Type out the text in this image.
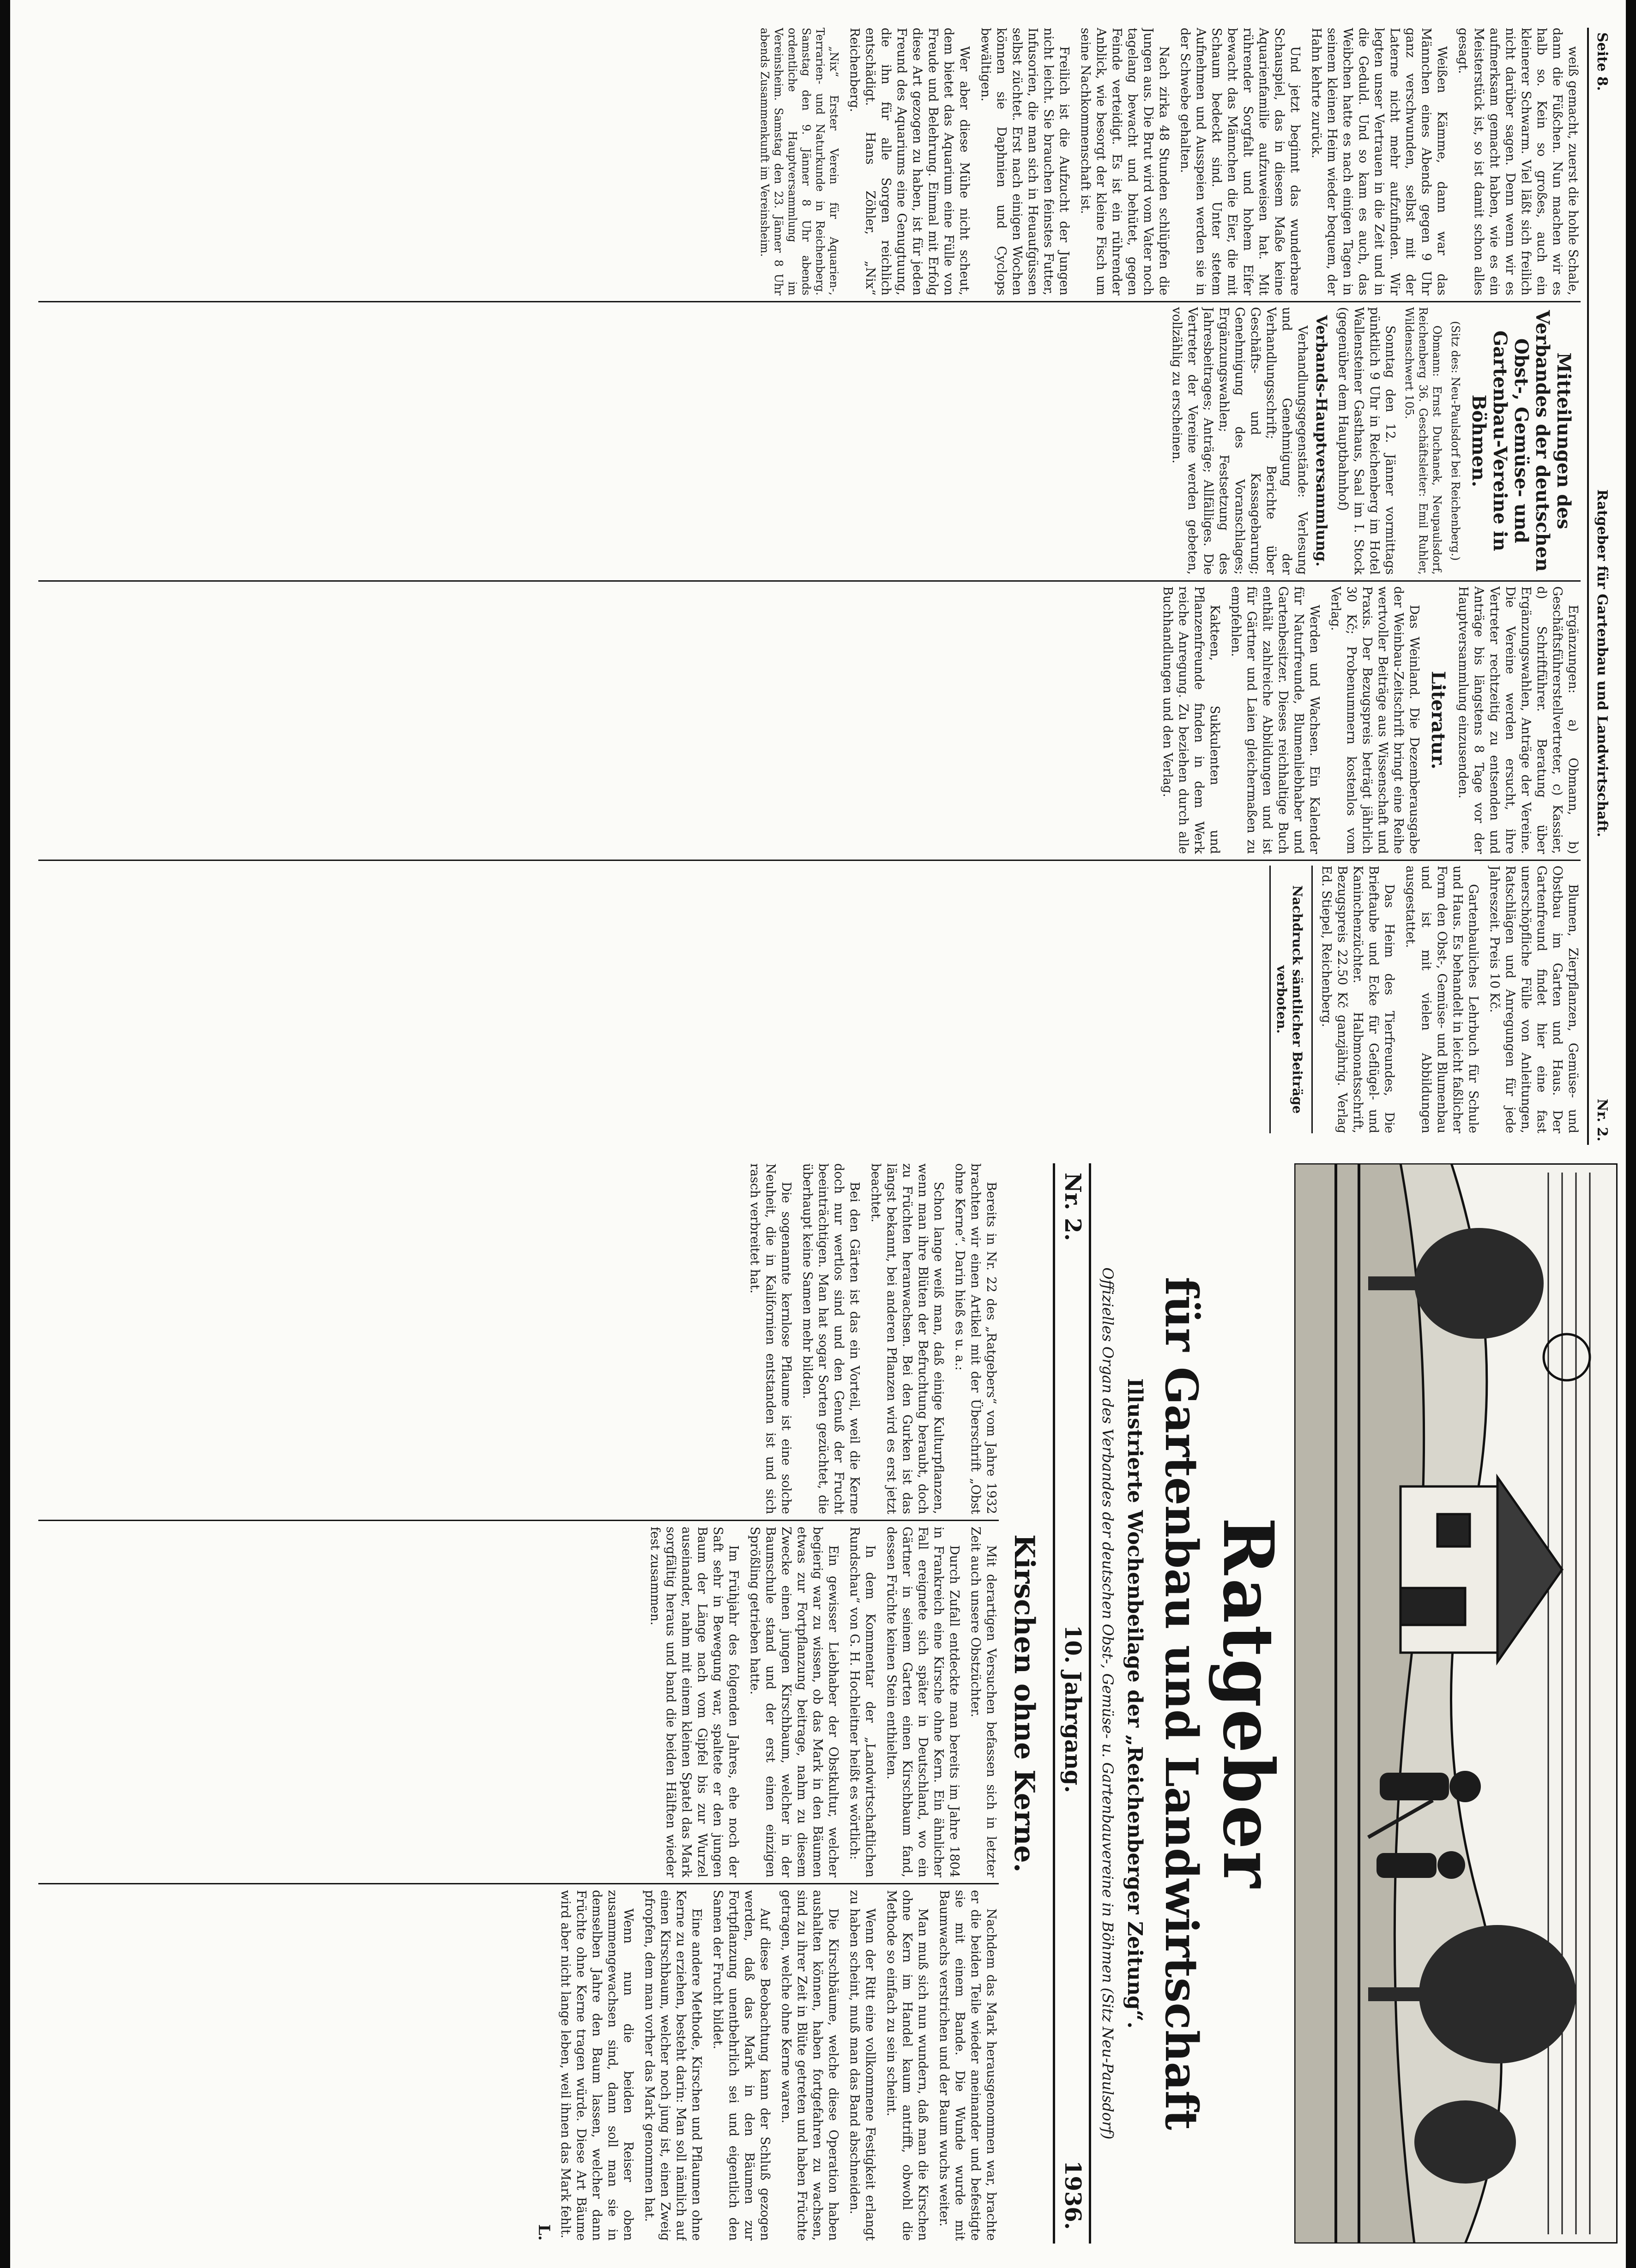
Seite 8.
Ratgeber für Gartenbau und Landwirtschaft.
Nr. 2.

weiß gemacht, zuerst die hohle Schale, dann die Füßchen. Nun machen wir es halb so. Kein so großes, auch ein kleinerer Schwarm. Viel läßt sich freilich nicht darüber sagen. Denn wenn wir es aufmerksam gemacht haben, wie es ein Meisterstück ist, so ist damit schon alles gesagt.

Weißen Kämme, dann war das Männchen eines Abends gegen 9 Uhr ganz verschwunden, selbst mit der Laterne nicht mehr aufzufinden. Wir legten unser Vertrauen in die Zeit und in die Geduld. Und so kam es auch, das Weibchen hatte es nach einigen Tagen in seinem kleinen Heim wieder bequem, der Hahn kehrte zurück.

Und jetzt beginnt das wunderbare Schauspiel, das in diesem Maße keine Aquarienfamilie aufzuweisen hat. Mit rührender Sorgfalt und hohem Eifer bewacht das Männchen die Eier, die mit Schaum bedeckt sind. Unter stetem Aufnehmen und Ausspeien werden sie in der Schwebe gehalten.

Nach zirka 48 Stunden schlüpfen die Jungen aus. Die Brut wird vom Vater noch tagelang bewacht und behütet, gegen Feinde verteidigt. Es ist ein rührender Anblick, wie besorgt der kleine Fisch um seine Nachkommenschaft ist.

Freilich ist die Aufzucht der Jungen nicht leicht. Sie brauchen feinstes Futter, Infusorien, die man sich in Heuaufgüssen selbst züchtet. Erst nach einigen Wochen können sie Daphnien und Cyclops bewältigen.

Wer aber diese Mühe nicht scheut, dem bietet das Aquarium eine Fülle von Freude und Belehrung. Einmal mit Erfolg diese Art gezogen zu haben, ist für jeden Freund des Aquariums eine Genugtuung, die ihn für alle Sorgen reichlich entschädigt. Hans Zöhler, „Nix“ Reichenberg.

„Nix“ Erster Verein für Aquarien-, Terrarien- und Naturkunde in Reichenberg. Samstag den 9. Jänner 8 Uhr abends ordentliche Hauptversammlung im Vereinsheim. Samstag den 23. Jänner 8 Uhr abends Zusammenkunft im Vereinsheim.

Mitteilungen des Verbandes der deutschen Obst-, Gemüse- und Gartenbau-Vereine in Böhmen.

(Sitz des: Neu-Paulsdorf bei Reichenberg.)

Obmann: Ernst Duchanek, Neupaulsdorf, Reichenberg 36. Geschäftsleiter: Emil Ruhler, Wildenschwert 105.

Sonntag den 12. Jänner vormittags pünktlich 9 Uhr in Reichenberg im Hotel Wallensteiner Gasthaus, Saal im I. Stock (gegenüber dem Hauptbahnhof)

Verbands-Hauptversammlung.

Verhandlungsgegenstände: Verlesung und Genehmigung der Verhandlungsschrift; Berichte über Geschäfts- und Kassagebarung; Genehmigung des Voranschlages; Ergänzungswahlen; Festsetzung des Jahresbeitrages; Anträge; Allfälliges. Die Vertreter der Vereine werden gebeten, vollzählig zu erscheinen.

Ergänzungen: a) Obmann, b) Geschäftsführerstellvertreter, c) Kassier, d) Schriftführer. Beratung über Ergänzungswahlen, Anträge der Vereine. Die Vereine werden ersucht, ihre Vertreter rechtzeitig zu entsenden und Anträge bis längstens 8 Tage vor der Hauptversammlung einzusenden.

Literatur.

Das Weinland. Die Dezemberausgabe der Weinbau-Zeitschrift bringt eine Reihe wertvoller Beiträge aus Wissenschaft und Praxis. Der Bezugspreis beträgt jährlich 30 Kč; Probenummern kostenlos vom Verlag.

Werden und Wachsen. Ein Kalender für Naturfreunde, Blumenliebhaber und Gartenbesitzer. Dieses reichhaltige Buch enthält zahlreiche Abbildungen und ist für Gärtner und Laien gleichermaßen zu empfehlen.

Kakteen, Sukkulenten und Pflanzenfreunde finden in dem Werk reiche Anregung. Zu beziehen durch alle Buchhandlungen und den Verlag.

Blumen, Zierpflanzen, Gemüse- und Obstbau im Garten und Haus. Der Gartenfreund findet hier eine fast unerschöpfliche Fülle von Anleitungen, Ratschlägen und Anregungen für jede Jahreszeit. Preis 10 Kč.

Gartenbauliches Lehrbuch für Schule und Haus. Es behandelt in leicht faßlicher Form den Obst-, Gemüse- und Blumenbau und ist mit vielen Abbildungen ausgestattet.

Das Heim des Tierfreundes, Die Brieftaube und Ecke für Geflügel- und Kaninchenzüchter. Halbmonatsschrift, Bezugspreis 22.50 Kč ganzjährig. Verlag Ed. Stiepel, Reichenberg.

Nachdruck sämtlicher Beiträge verboten.
Ratgeber
für Gartenbau und Landwirtschaft
Illustrierte Wochenbeilage der „Reichenberger Zeitung“.
Offizielles Organ des Verbandes der deutschen Obst-, Gemüse- u. Gartenbauvereine in Böhmen (Sitz Neu-Paulsdorf)
Nr. 2.
10. Jahrgang.
1936.
Kirschen ohne Kerne.

Bereits in Nr. 22 des „Ratgebers“ vom Jahre 1932 brachten wir einen Artikel mit der Überschrift „Obst ohne Kerne“. Darin hieß es u. a.:

Schon lange weiß man, daß einige Kulturpflanzen, wenn man ihre Blüten der Befruchtung beraubt, doch zu Früchten heranwachsen. Bei den Gurken ist das längst bekannt, bei anderen Pflanzen wird es erst jetzt beachtet.

Bei den Gärten ist das ein Vorteil, weil die Kerne doch nur wertlos sind und den Genuß der Frucht beeinträchtigen. Man hat sogar Sorten gezüchtet, die überhaupt keine Samen mehr bilden.

Die sogenannte kernlose Pflaume ist eine solche Neuheit, die in Kalifornien entstanden ist und sich rasch verbreitet hat.

Mit derartigen Versuchen befassen sich in letzter Zeit auch unsere Obstzüchter.

Durch Zufall entdeckte man bereits im Jahre 1804 in Frankreich eine Kirsche ohne Kern. Ein ähnlicher Fall ereignete sich später in Deutschland, wo ein Gärtner in seinem Garten einen Kirschbaum fand, dessen Früchte keinen Stein enthielten.

In dem Kommentar der „Landwirtschaftlichen Rundschau“ von G. H. Hochleitner heißt es wörtlich:

Ein gewisser Liebhaber der Obstkultur, welcher begierig war zu wissen, ob das Mark in den Bäumen etwas zur Fortpflanzung beitrage, nahm zu diesem Zwecke einen jungen Kirschbaum, welcher in der Baumschule stand und der erst einen einzigen Sprößling getrieben hatte.

Im Frühjahr des folgenden Jahres, ehe noch der Saft sehr in Bewegung war, spaltete er den jungen Baum der Länge nach vom Gipfel bis zur Wurzel auseinander, nahm mit einem kleinen Spatel das Mark sorgfältig heraus und band die beiden Hälften wieder fest zusammen.

Nachdem das Mark herausgenommen war, brachte er die beiden Teile wieder aneinander und befestigte sie mit einem Bande. Die Wunde wurde mit Baumwachs verstrichen und der Baum wuchs weiter.

Man muß sich nun wundern, daß man die Kirschen ohne Kern im Handel kaum antrifft, obwohl die Methode so einfach zu sein scheint.

Wenn der Ritt eine vollkommene Festigkeit erlangt zu haben scheint, muß man das Band abschneiden.

Die Kirschbäume, welche diese Operation haben aushalten können, haben fortgefahren zu wachsen, sind zu ihrer Zeit in Blüte getreten und haben Früchte getragen, welche ohne Kerne waren.

Auf diese Beobachtung kann der Schluß gezogen werden, daß das Mark in den Bäumen zur Fortpflanzung unentbehrlich sei und eigentlich den Samen der Frucht bildet.

Eine andere Methode, Kirschen und Pflaumen ohne Kerne zu erziehen, besteht darin: Man soll nämlich auf einen Kirschbaum, welcher noch jung ist, einen Zweig pfropfen, dem man vorher das Mark genommen hat.

Wenn nun die beiden Reiser oben zusammengewachsen sind, dann soll man sie in demselben Jahre den Baum lassen, welcher dann Früchte ohne Kerne tragen würde. Diese Art Bäume wird aber nicht lange leben, weil ihnen das Mark fehlt.

L.
